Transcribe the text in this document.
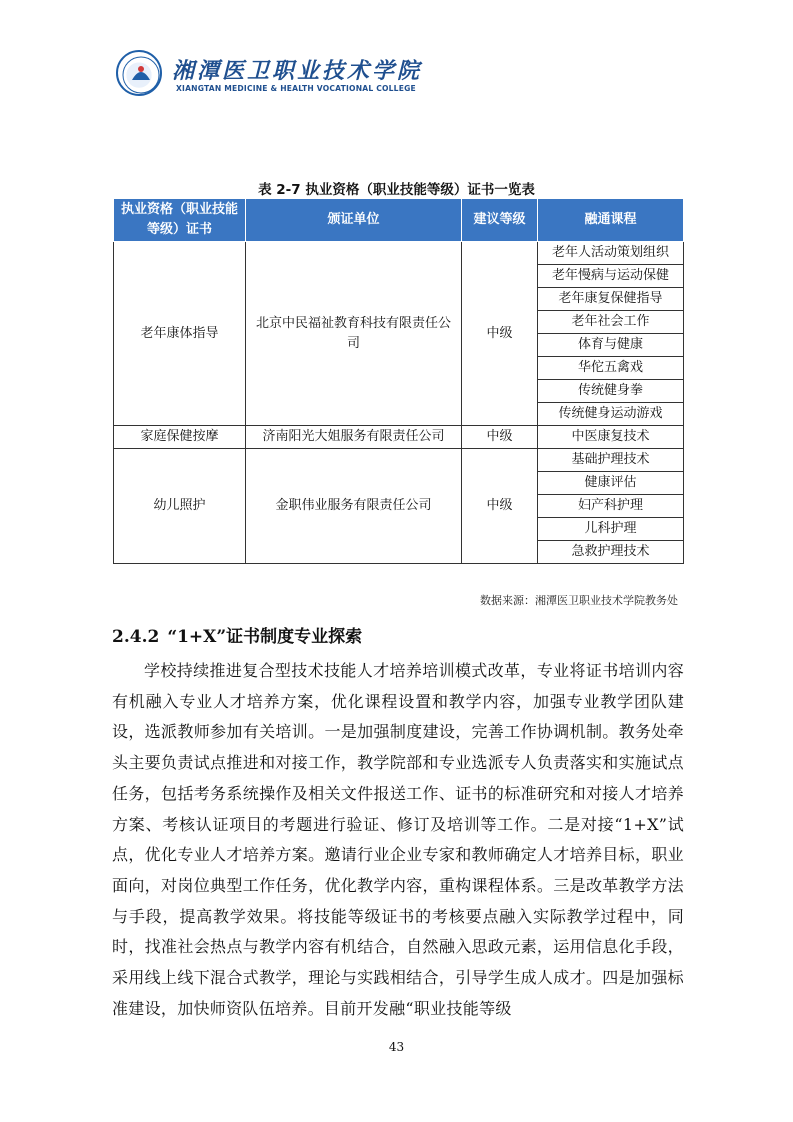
湘潭医卫职业技术学院
XIANGTAN MEDICINE & HEALTH VOCATIONAL COLLEGE
表 2-7 执业资格（职业技能等级）证书一览表
执业资格（职业技能等级）证书	颁证单位	建议等级	融通课程
老年康体指导	北京中民福祉教育科技有限责任公司	中级	老年人活动策划组织
			老年慢病与运动保健
			老年康复保健指导
			老年社会工作
			体育与健康
			华佗五禽戏
			传统健身拳
			传统健身运动游戏
家庭保健按摩	济南阳光大姐服务有限责任公司	中级	中医康复技术
幼儿照护	金职伟业服务有限责任公司	中级	基础护理技术
			健康评估
			妇产科护理
			儿科护理
			急救护理技术
数据来源：湘潭医卫职业技术学院教务处
2.4.2 “1+X”证书制度专业探索
学校持续推进复合型技术技能人才培养培训模式改革，专业将证书培训内容有机融入专业人才培养方案，优化课程设置和教学内容，加强专业教学团队建设，选派教师参加有关培训。一是加强制度建设，完善工作协调机制。教务处牵头主要负责试点推进和对接工作，教学院部和专业选派专人负责落实和实施试点任务，包括考务系统操作及相关文件报送工作、证书的标准研究和对接人才培养方案、考核认证项目的考题进行验证、修订及培训等工作。二是对接“1+X”试点，优化专业人才培养方案。邀请行业企业专家和教师确定人才培养目标，职业面向，对岗位典型工作任务，优化教学内容，重构课程体系。三是改革教学方法与手段，提高教学效果。将技能等级证书的考核要点融入实际教学过程中，同时，找准社会热点与教学内容有机结合，自然融入思政元素，运用信息化手段，采用线上线下混合式教学，理论与实践相结合，引导学生成人成才。四是加强标准建设，加快师资队伍培养。目前开发融“职业技能等级
43
